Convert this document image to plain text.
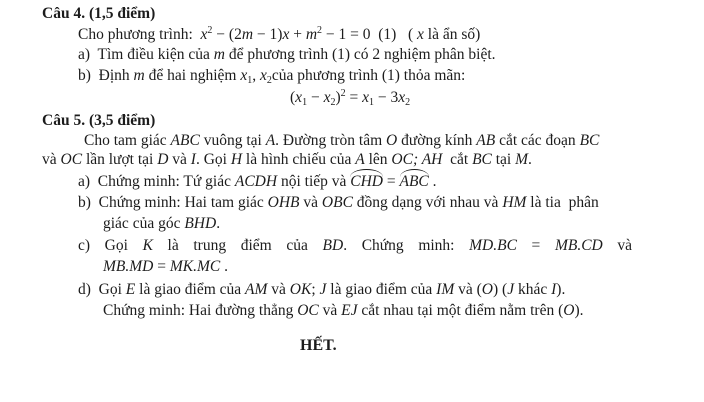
Câu 4. (1,5 điểm)
Cho phương trình: $x^2 - (2m - 1)x + m^2 - 1 = 0$  (1)   ( x là ẩn số)
a) Tìm điều kiện của m để phương trình (1) có 2 nghiệm phân biệt.
b) Định m để hai nghiệm $x_1$, $x_2của$ phương trình (1) thỏa mãn:
$(x_1 - x_2)^2 = x_1 - 3x_2$
Câu 5. (3,5 điểm)
Cho tam giác ABC vuông tại A. Đường tròn tâm O đường kính AB cắt các đoạn BC
và OC lần lượt tại D và I. Gọi H là hình chiếu của A lên OC; AH  cắt BC tại M.
a) Chứng minh: Tứ giác ACDH nội tiếp và CHD = ABC .
b) Chứng minh: Hai tam giác OHB và OBC đồng dạng với nhau và HM là tia  phân
giác của góc BHD.
c) Gọi K là trung điểm của BD. Chứng minh: MD.BC = MB.CD và
MB.MD = MK.MC .
d) Gọi E là giao điểm của AM và OK; J là giao điểm của IM và (O) (J khác I).
Chứng minh: Hai đường thẳng OC và EJ cắt nhau tại một điểm nằm trên (O).
HẾT.
